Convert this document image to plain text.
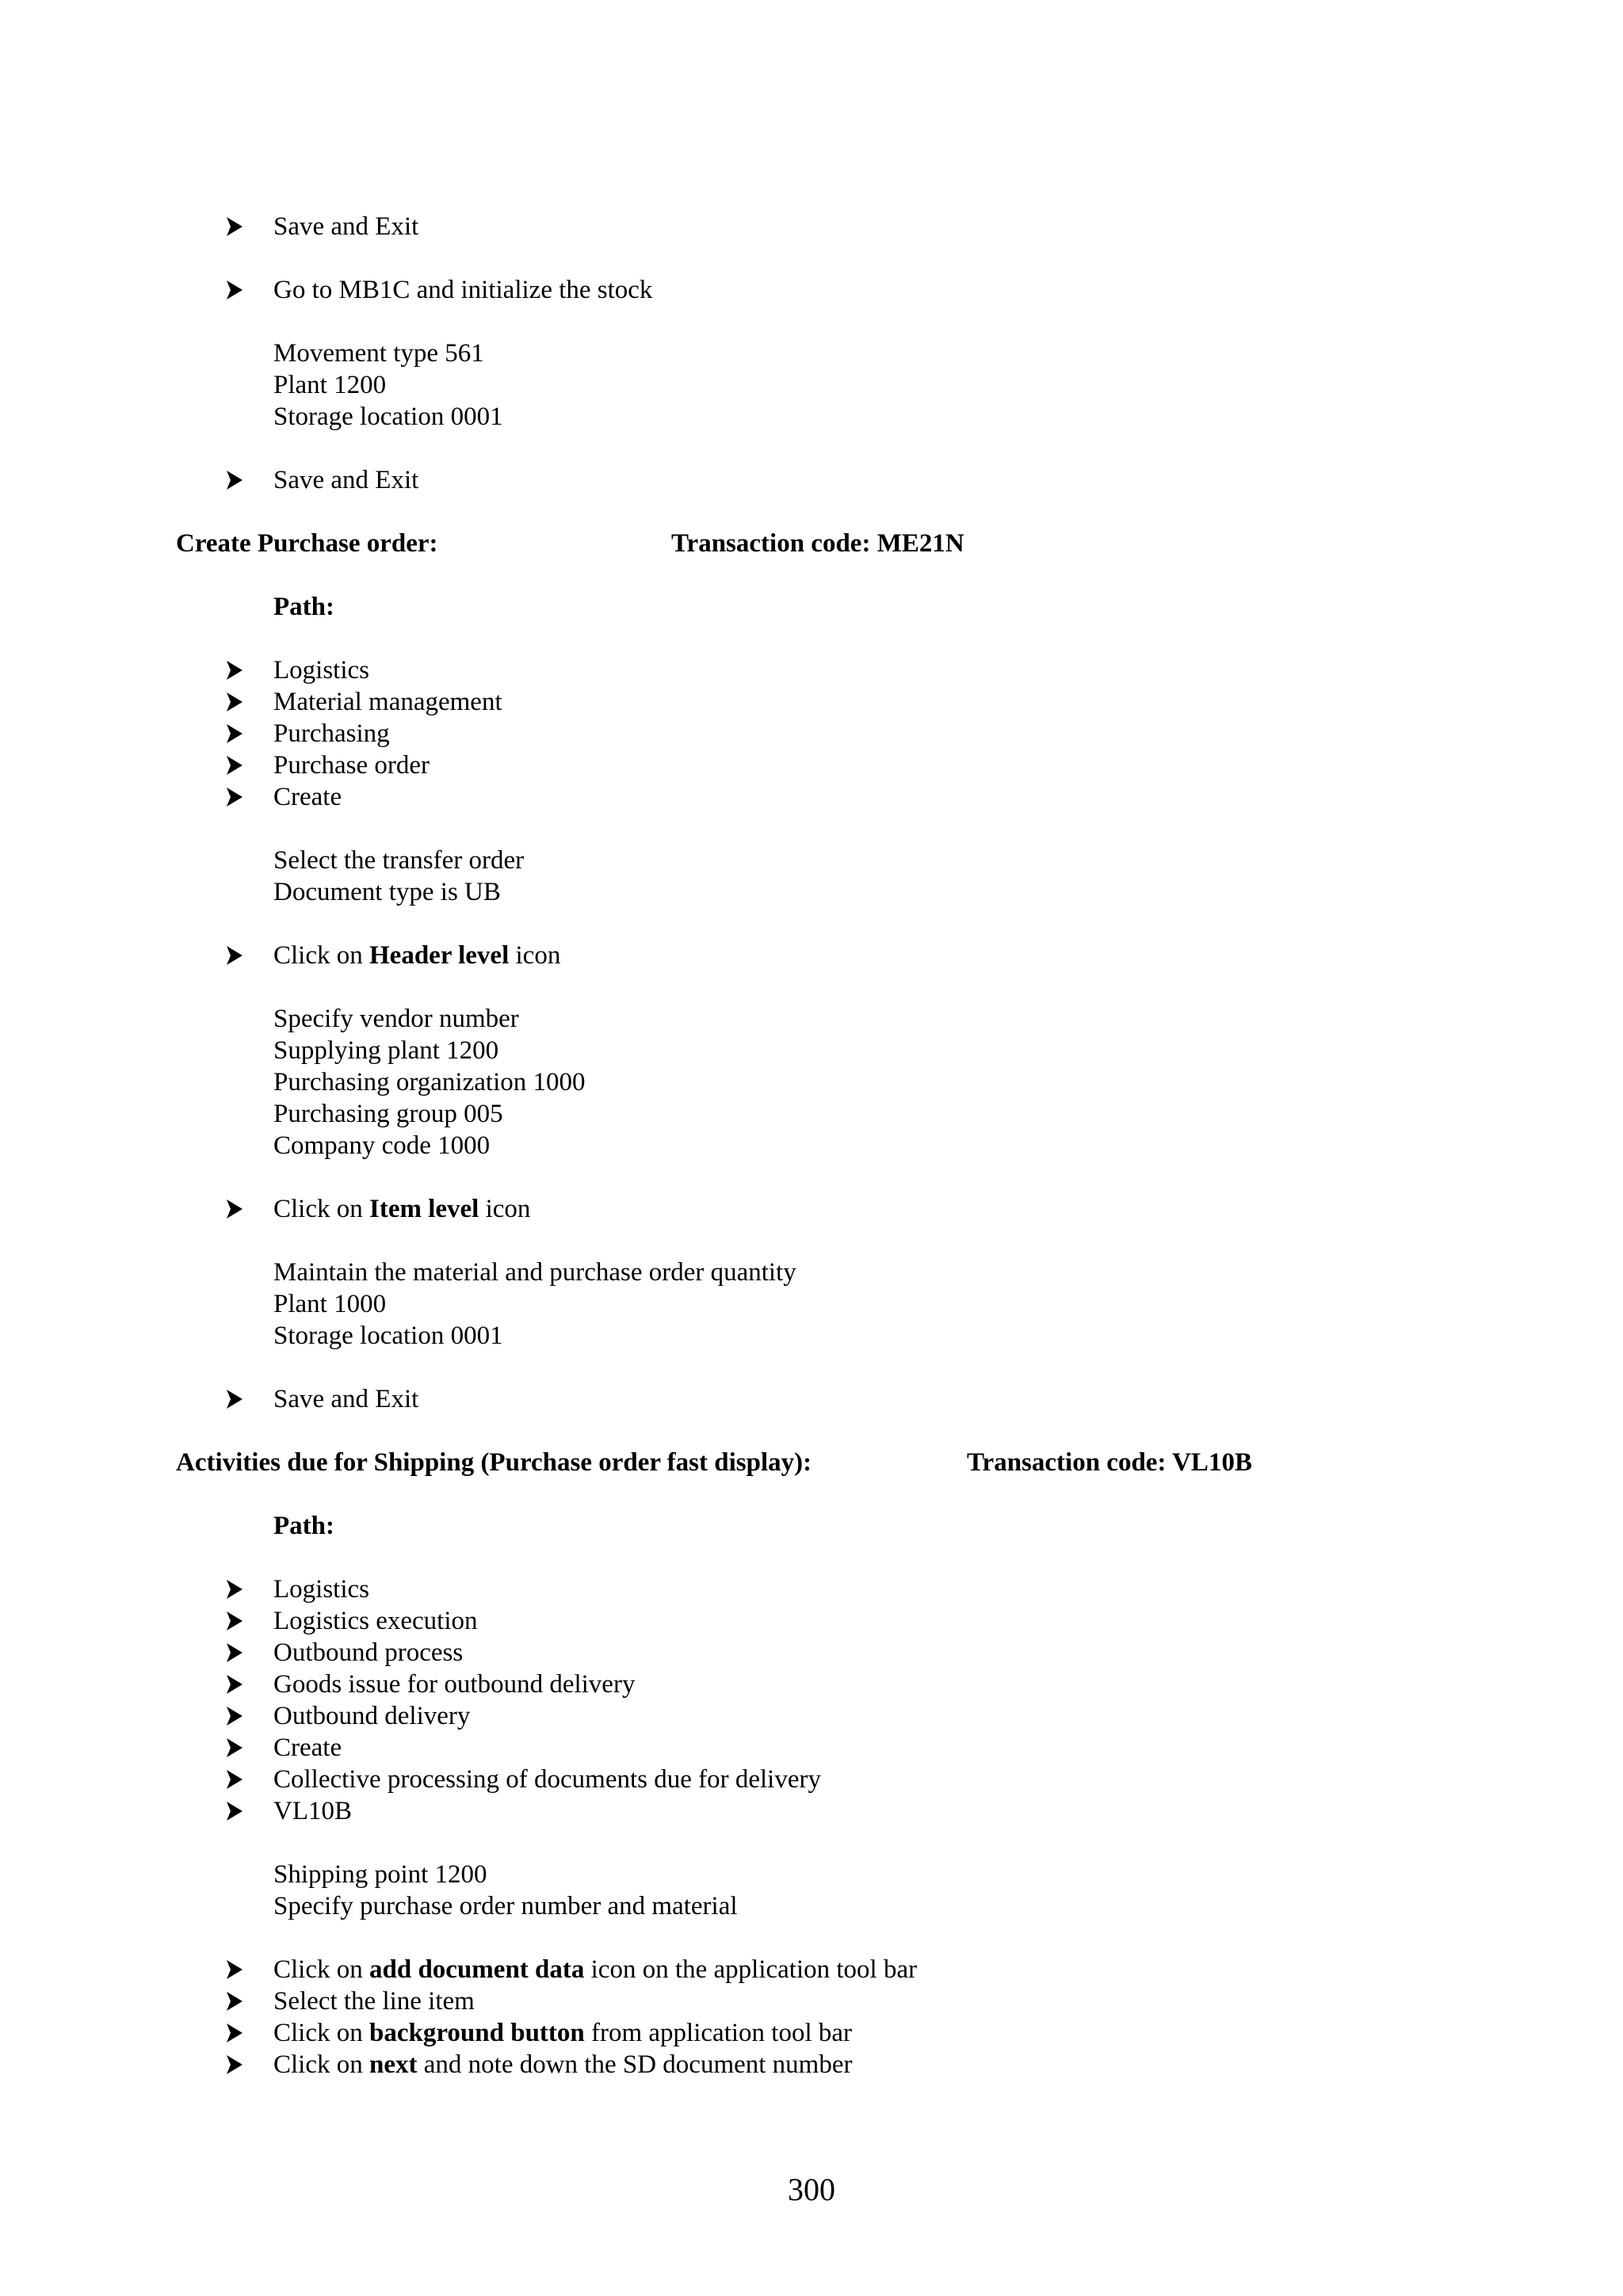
Save and Exit
Go to MB1C and initialize the stock
Movement type 561
Plant 1200
Storage location 0001
Save and Exit
Create Purchase order:	Transaction code: ME21N
Path:
Logistics
Material management
Purchasing
Purchase order
Create
Select the transfer order
Document type is UB
Click on Header level icon
Specify vendor number
Supplying plant 1200
Purchasing organization 1000
Purchasing group 005
Company code 1000
Click on Item level icon
Maintain the material and purchase order quantity
Plant 1000
Storage location 0001
Save and Exit
Activities due for Shipping (Purchase order fast display):	Transaction code: VL10B
Path:
Logistics
Logistics execution
Outbound process
Goods issue for outbound delivery
Outbound delivery
Create
Collective processing of documents due for delivery
VL10B
Shipping point 1200
Specify purchase order number and material
Click on add document data icon on the application tool bar
Select the line item
Click on background button from application tool bar
Click on next and note down the SD document number
300
